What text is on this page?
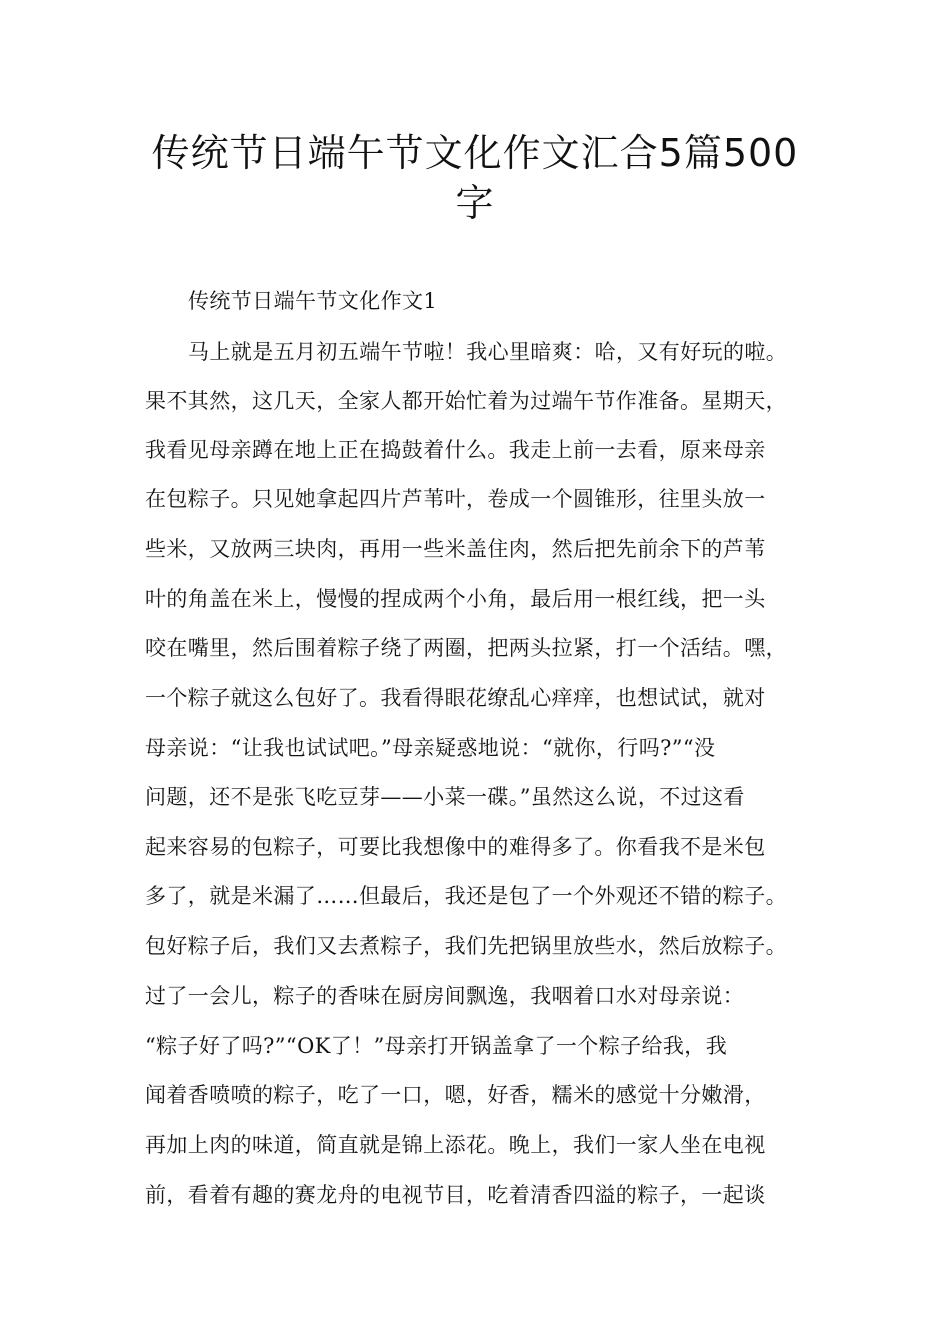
传统节日端午节文化作文汇合5篇500
字
传统节日端午节文化作文1
马上就是五月初五端午节啦！我心里暗爽：哈，又有好玩的啦。
果不其然，这几天，全家人都开始忙着为过端午节作准备。星期天，
我看见母亲蹲在地上正在捣鼓着什么。我走上前一去看，原来母亲
在包粽子。只见她拿起四片芦苇叶，卷成一个圆锥形，往里头放一
些米，又放两三块肉，再用一些米盖住肉，然后把先前余下的芦苇
叶的角盖在米上，慢慢的捏成两个小角，最后用一根红线，把一头
咬在嘴里，然后围着粽子绕了两圈，把两头拉紧，打一个活结。嘿，
一个粽子就这么包好了。我看得眼花缭乱心痒痒，也想试试，就对
母亲说：“让我也试试吧。”母亲疑惑地说：“就你，行吗?”“没
问题，还不是张飞吃豆芽——小菜一碟。”虽然这么说，不过这看
起来容易的包粽子，可要比我想像中的难得多了。你看我不是米包
多了，就是米漏了……但最后，我还是包了一个外观还不错的粽子。
包好粽子后，我们又去煮粽子，我们先把锅里放些水，然后放粽子。
过了一会儿，粽子的香味在厨房间飘逸，我咽着口水对母亲说：
“粽子好了吗?”“OK了！”母亲打开锅盖拿了一个粽子给我，我
闻着香喷喷的粽子，吃了一口，嗯，好香，糯米的感觉十分嫩滑，
再加上肉的味道，简直就是锦上添花。晚上，我们一家人坐在电视
前，看着有趣的赛龙舟的电视节目，吃着清香四溢的粽子，一起谈
